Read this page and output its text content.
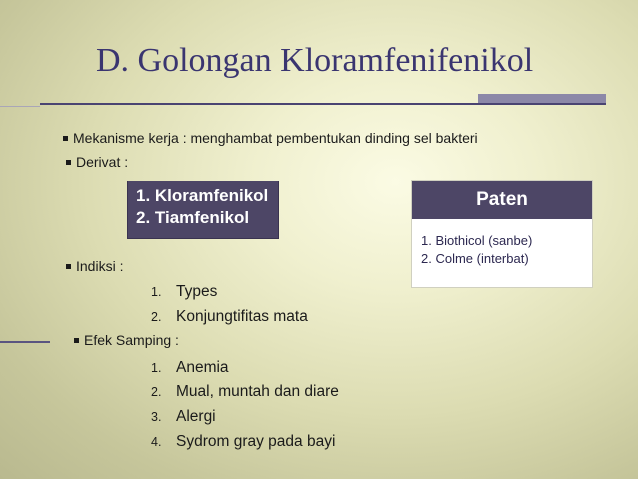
D. Golongan Kloramfenifenikol
Mekanisme kerja : menghambat pembentukan dinding sel bakteri
Derivat :
1. Kloramfenikol
2. Tiamfenikol
Paten
1. Biothicol (sanbe)
2. Colme (interbat)
Indiksi :
1. Types
2. Konjungtifitas mata
Efek Samping :
1. Anemia
2. Mual, muntah dan diare
3. Alergi
4. Sydrom gray pada bayi
